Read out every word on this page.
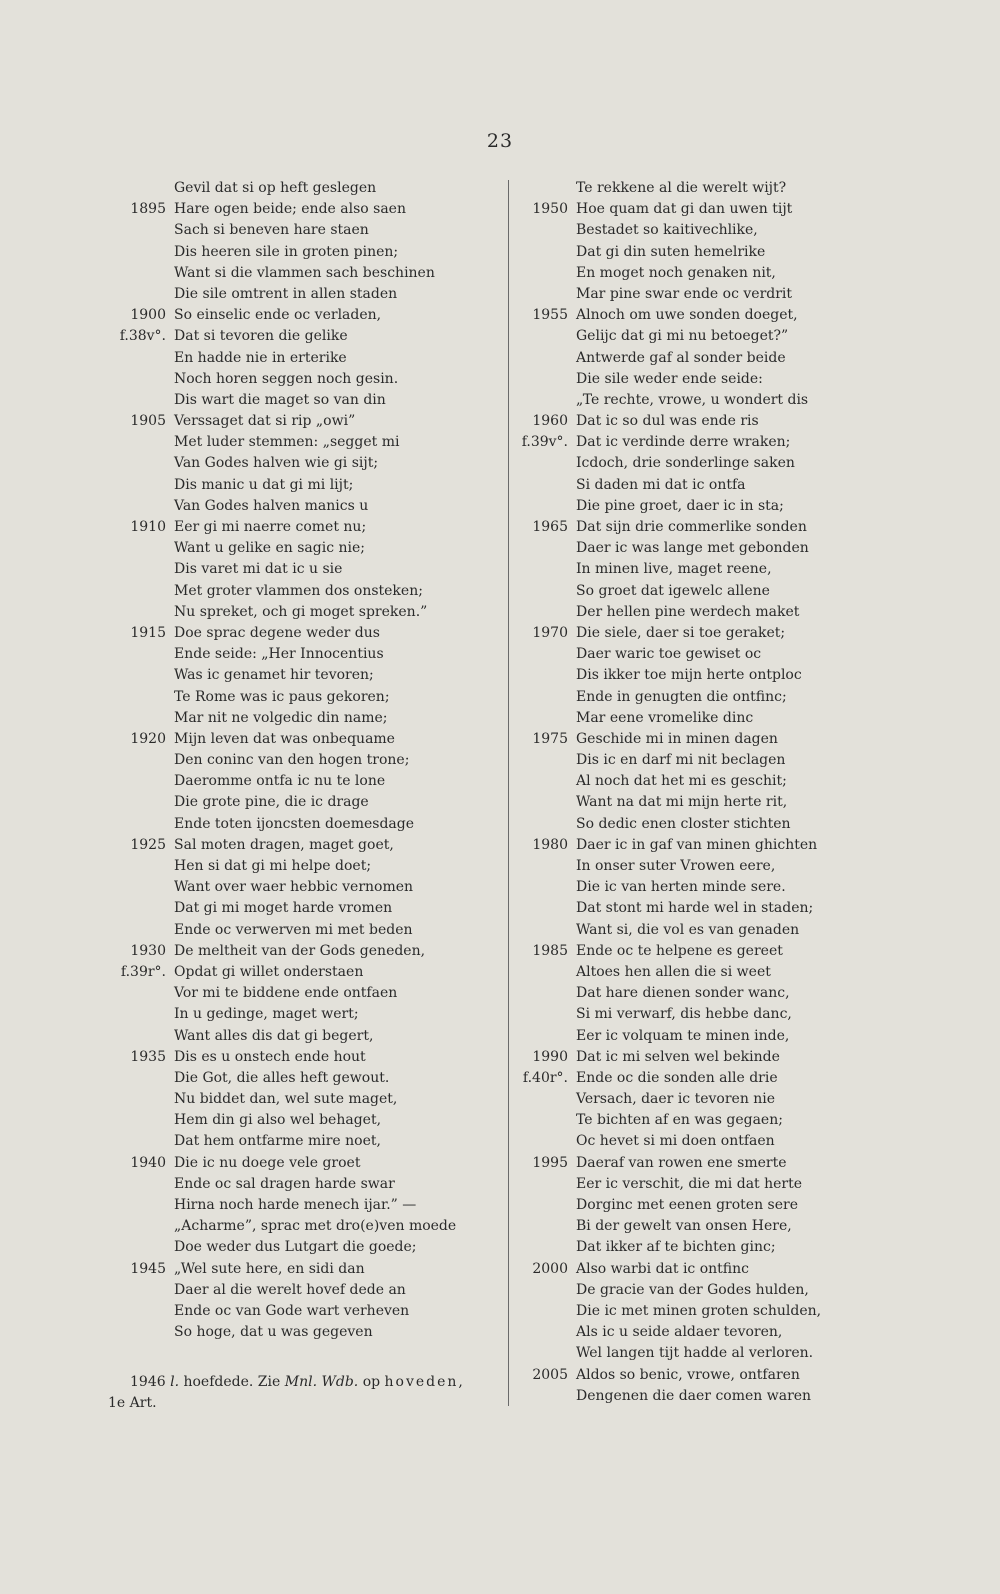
23
Gevil dat si op heft geslegen
1895 Hare ogen beide; ende also saen
Sach si beneven hare staen
Dis heeren sile in groten pinen;
Want si die vlammen sach beschinen
Die sile omtrent in allen staden
1900 So einselic ende oc verladen,
f.38v°. Dat si tevoren die gelike
En hadde nie in erterike
Noch horen seggen noch gesin.
Dis wart die maget so van din
1905 Verssaget dat si rip „owi”
Met luder stemmen: „segget mi
Van Godes halven wie gi sijt;
Dis manic u dat gi mi lijt;
Van Godes halven manics u
1910 Eer gi mi naerre comet nu;
Want u gelike en sagic nie;
Dis varet mi dat ic u sie
Met groter vlammen dos onsteken;
Nu spreket, och gi moget spreken.”
1915 Doe sprac degene weder dus
Ende seide: „Her Innocentius
Was ic genamet hir tevoren;
Te Rome was ic paus gekoren;
Mar nit ne volgedic din name;
1920 Mijn leven dat was onbequame
Den coninc van den hogen trone;
Daeromme ontfa ic nu te lone
Die grote pine, die ic drage
Ende toten ijoncsten doemesdage
1925 Sal moten dragen, maget goet,
Hen si dat gi mi helpe doet;
Want over waer hebbic vernomen
Dat gi mi moget harde vromen
Ende oc verwerven mi met beden
1930 De meltheit van der Gods geneden,
f.39r°. Opdat gi willet onderstaen
Vor mi te biddene ende ontfaen
In u gedinge, maget wert;
Want alles dis dat gi begert,
1935 Dis es u onstech ende hout
Die Got, die alles heft gewout.
Nu biddet dan, wel sute maget,
Hem din gi also wel behaget,
Dat hem ontfarme mire noet,
1940 Die ic nu doege vele groet
Ende oc sal dragen harde swar
Hirna noch harde menech ijar.” —
„Acharme”, sprac met dro(e)ven moede
Doe weder dus Lutgart die goede;
1945 „Wel sute here, en sidi dan
Daer al die werelt hovef dede an
Ende oc van Gode wart verheven
So hoge, dat u was gegeven
Te rekkene al die werelt wijt?
1950 Hoe quam dat gi dan uwen tijt
Bestadet so kaitivechlike,
Dat gi din suten hemelrike
En moget noch genaken nit,
Mar pine swar ende oc verdrit
1955 Alnoch om uwe sonden doeget,
Gelijc dat gi mi nu betoeget?”
Antwerde gaf al sonder beide
Die sile weder ende seide:
„Te rechte, vrowe, u wondert dis
1960 Dat ic so dul was ende ris
f.39v°. Dat ic verdinde derre wraken;
Icdoch, drie sonderlinge saken
Si daden mi dat ic ontfa
Die pine groet, daer ic in sta;
1965 Dat sijn drie commerlike sonden
Daer ic was lange met gebonden
In minen live, maget reene,
So groet dat igewelc allene
Der hellen pine werdech maket
1970 Die siele, daer si toe geraket;
Daer waric toe gewiset oc
Dis ikker toe mijn herte ontploc
Ende in genugten die ontfinc;
Mar eene vromelike dinc
1975 Geschide mi in minen dagen
Dis ic en darf mi nit beclagen
Al noch dat het mi es geschit;
Want na dat mi mijn herte rit,
So dedic enen closter stichten
1980 Daer ic in gaf van minen ghichten
In onser suter Vrowen eere,
Die ic van herten minde sere.
Dat stont mi harde wel in staden;
Want si, die vol es van genaden
1985 Ende oc te helpene es gereet
Altoes hen allen die si weet
Dat hare dienen sonder wanc,
Si mi verwarf, dis hebbe danc,
Eer ic volquam te minen inde,
1990 Dat ic mi selven wel bekinde
f.40r°. Ende oc die sonden alle drie
Versach, daer ic tevoren nie
Te bichten af en was gegaen;
Oc hevet si mi doen ontfaen
1995 Daeraf van rowen ene smerte
Eer ic verschit, die mi dat herte
Dorginc met eenen groten sere
Bi der gewelt van onsen Here,
Dat ikker af te bichten ginc;
2000 Also warbi dat ic ontfinc
De gracie van der Godes hulden,
Die ic met minen groten schulden,
Als ic u seide aldaer tevoren,
Wel langen tijt hadde al verloren.
2005 Aldos so benic, vrowe, ontfaren
Dengenen die daer comen waren
1946 l. hoefdede. Zie Mnl. Wdb. op hoveden,
1e Art.
